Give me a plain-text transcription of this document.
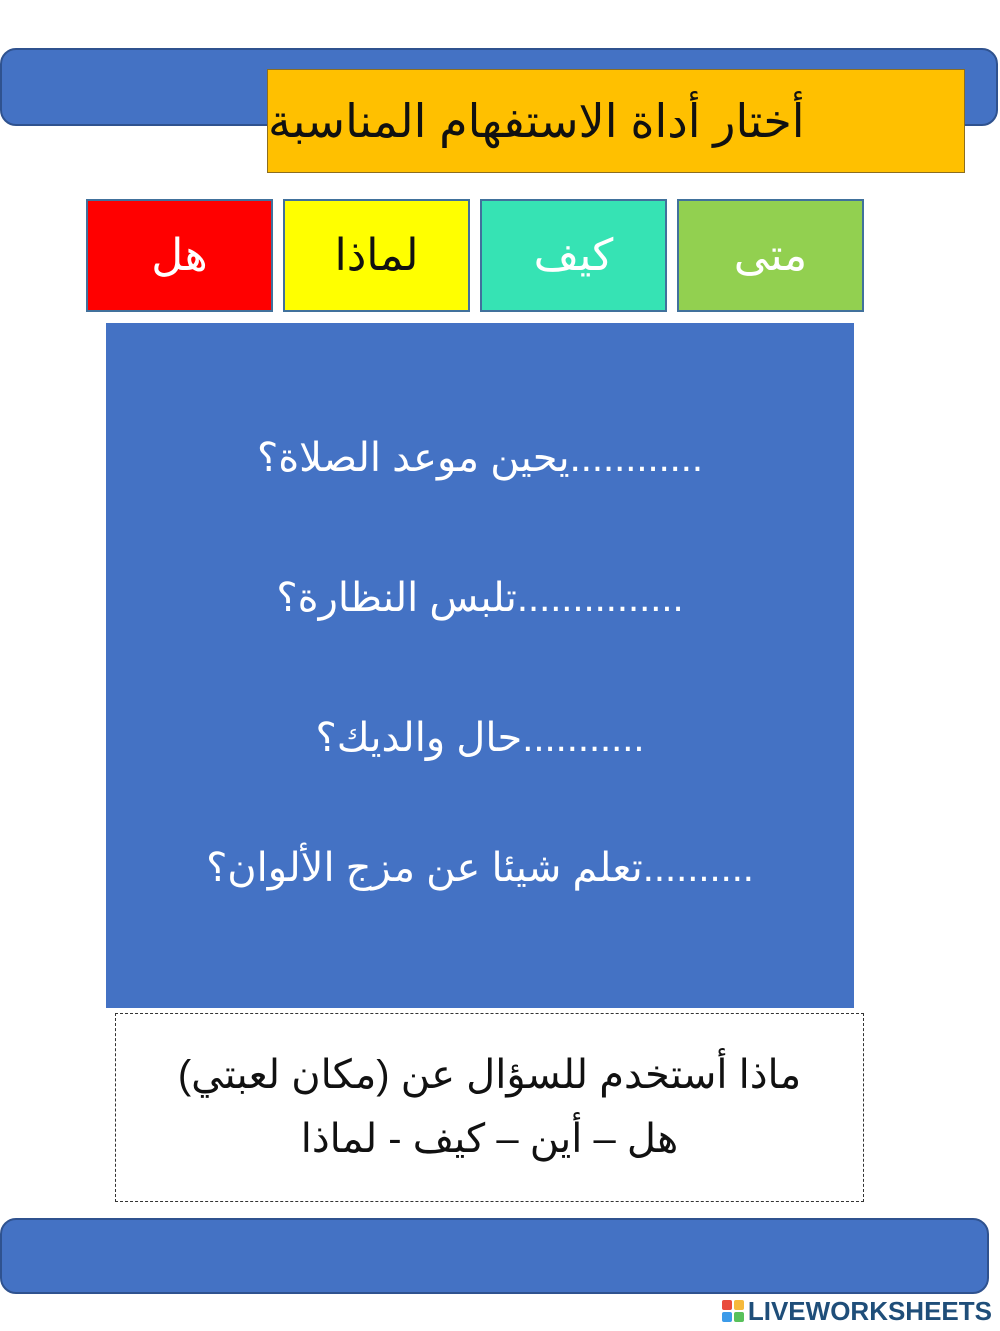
أختار أداة الاستفهام المناسبة
هل	لماذا	كيف	متى
............يحين موعد الصلاة؟
...............تلبس النظارة؟
...........حال والديك؟
..........تعلم شيئا عن مزج الألوان؟
ماذا أستخدم للسؤال عن (مكان لعبتي)
هل – أين – كيف - لماذا
LIVEWORKSHEETS
